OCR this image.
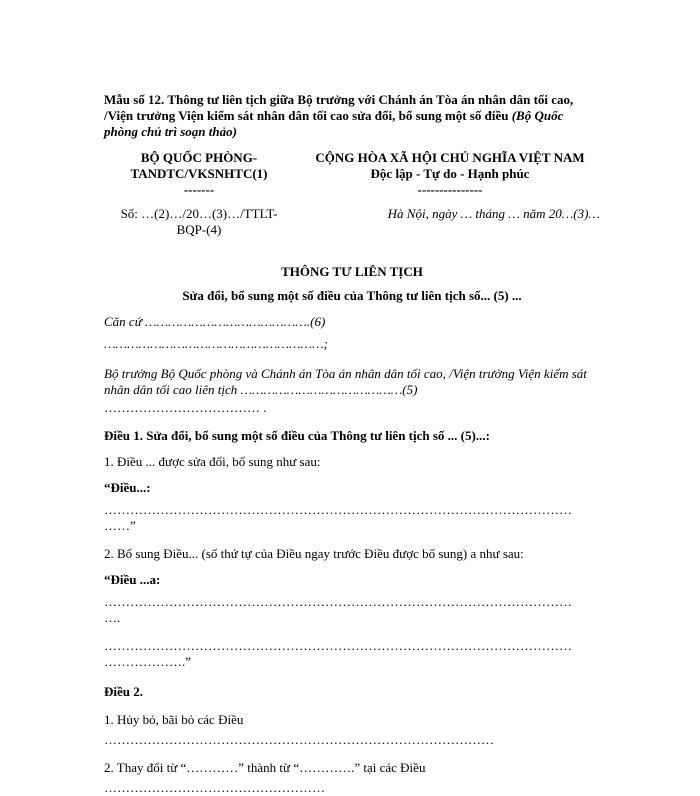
Mẫu số 12. Thông tư liên tịch giữa Bộ trưởng với Chánh án Tòa án nhân dân tối cao, /Viện trưởng Viện kiểm sát nhân dân tối cao sửa đổi, bổ sung một số điều (Bộ Quốc phòng chủ trì soạn thảo)
BỘ QUỐC PHÒNG-
TANDTC/VKSNHTC(1)
-------
CỘNG HÒA XÃ HỘI CHỦ NGHĨA VIỆT NAM
Độc lập - Tự do - Hạnh phúc
---------------
Số: …(2)…/20…(3)…/TTLT-
BQP-(4)
Hà Nội, ngày … tháng … năm 20…(3)…
THÔNG TƯ LIÊN TỊCH
Sửa đổi, bổ sung một số điều của Thông tư liên tịch số... (5) ...
Căn cứ …………………………………….(6)
…………………………………………………;
Bộ trưởng Bộ Quốc phòng và Chánh án Tòa án nhân dân tối cao, /Viện trưởng Viện kiểm sát nhân dân tối cao liên tịch ……………………………………(5)
……………………………… .
Điều 1. Sửa đổi, bổ sung một số điều của Thông tư liên tịch số ... (5)...:
1. Điều ... được sửa đổi, bổ sung như sau:
“Điều...:
………………………………………………………………………………………………
……”
2. Bổ sung Điều... (số thứ tự của Điều ngay trước Điều được bổ sung) a như sau:
“Điều ...a:
………………………………………………………………………………………………
….
………………………………………………………………………………………………
……………….”
Điều 2.
1. Hủy bỏ, bãi bỏ các Điều
………………………………………………………………………………
2. Thay đổi từ “…………” thành từ “………….” tại các Điều
……………………………………………
